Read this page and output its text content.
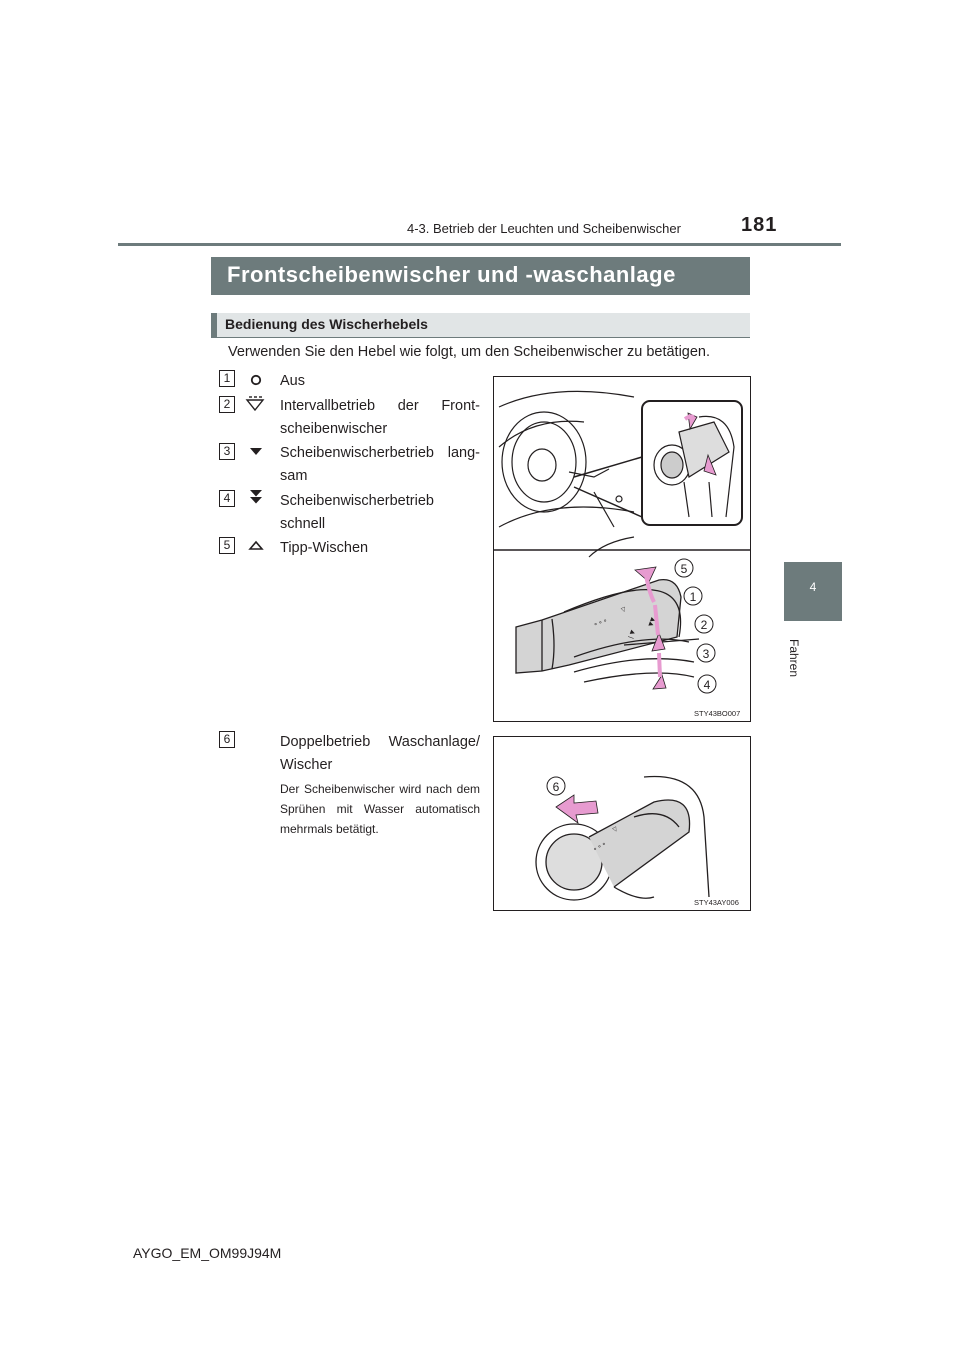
4-3. Betrieb der Leuchten und Scheibenwischer	181
4
Fahren
Frontscheibenwischer und -waschanlage
Bedienung des Wischerhebels
Verwenden Sie den Hebel wie folgt, um den Scheibenwischer zu betätigen.
1	Aus
2	Intervallbetrieb der Front-scheibenwischer
3	Scheibenwischerbetrieb lang-sam
4	Scheibenwischerbetrieb schnell
5	Tipp-Wischen
6	Doppelbetrieb Waschanlage/ Wischer
Der Scheibenwischer wird nach dem Sprühen mit Wasser automatisch mehrmals betätigt.
⚬⚬⚬
▽
| ▼
▼▼
5
1
2
3
4
STY43BO007
⚬⚬⚬
▽
6
STY43AY006
AYGO_EM_OM99J94M
